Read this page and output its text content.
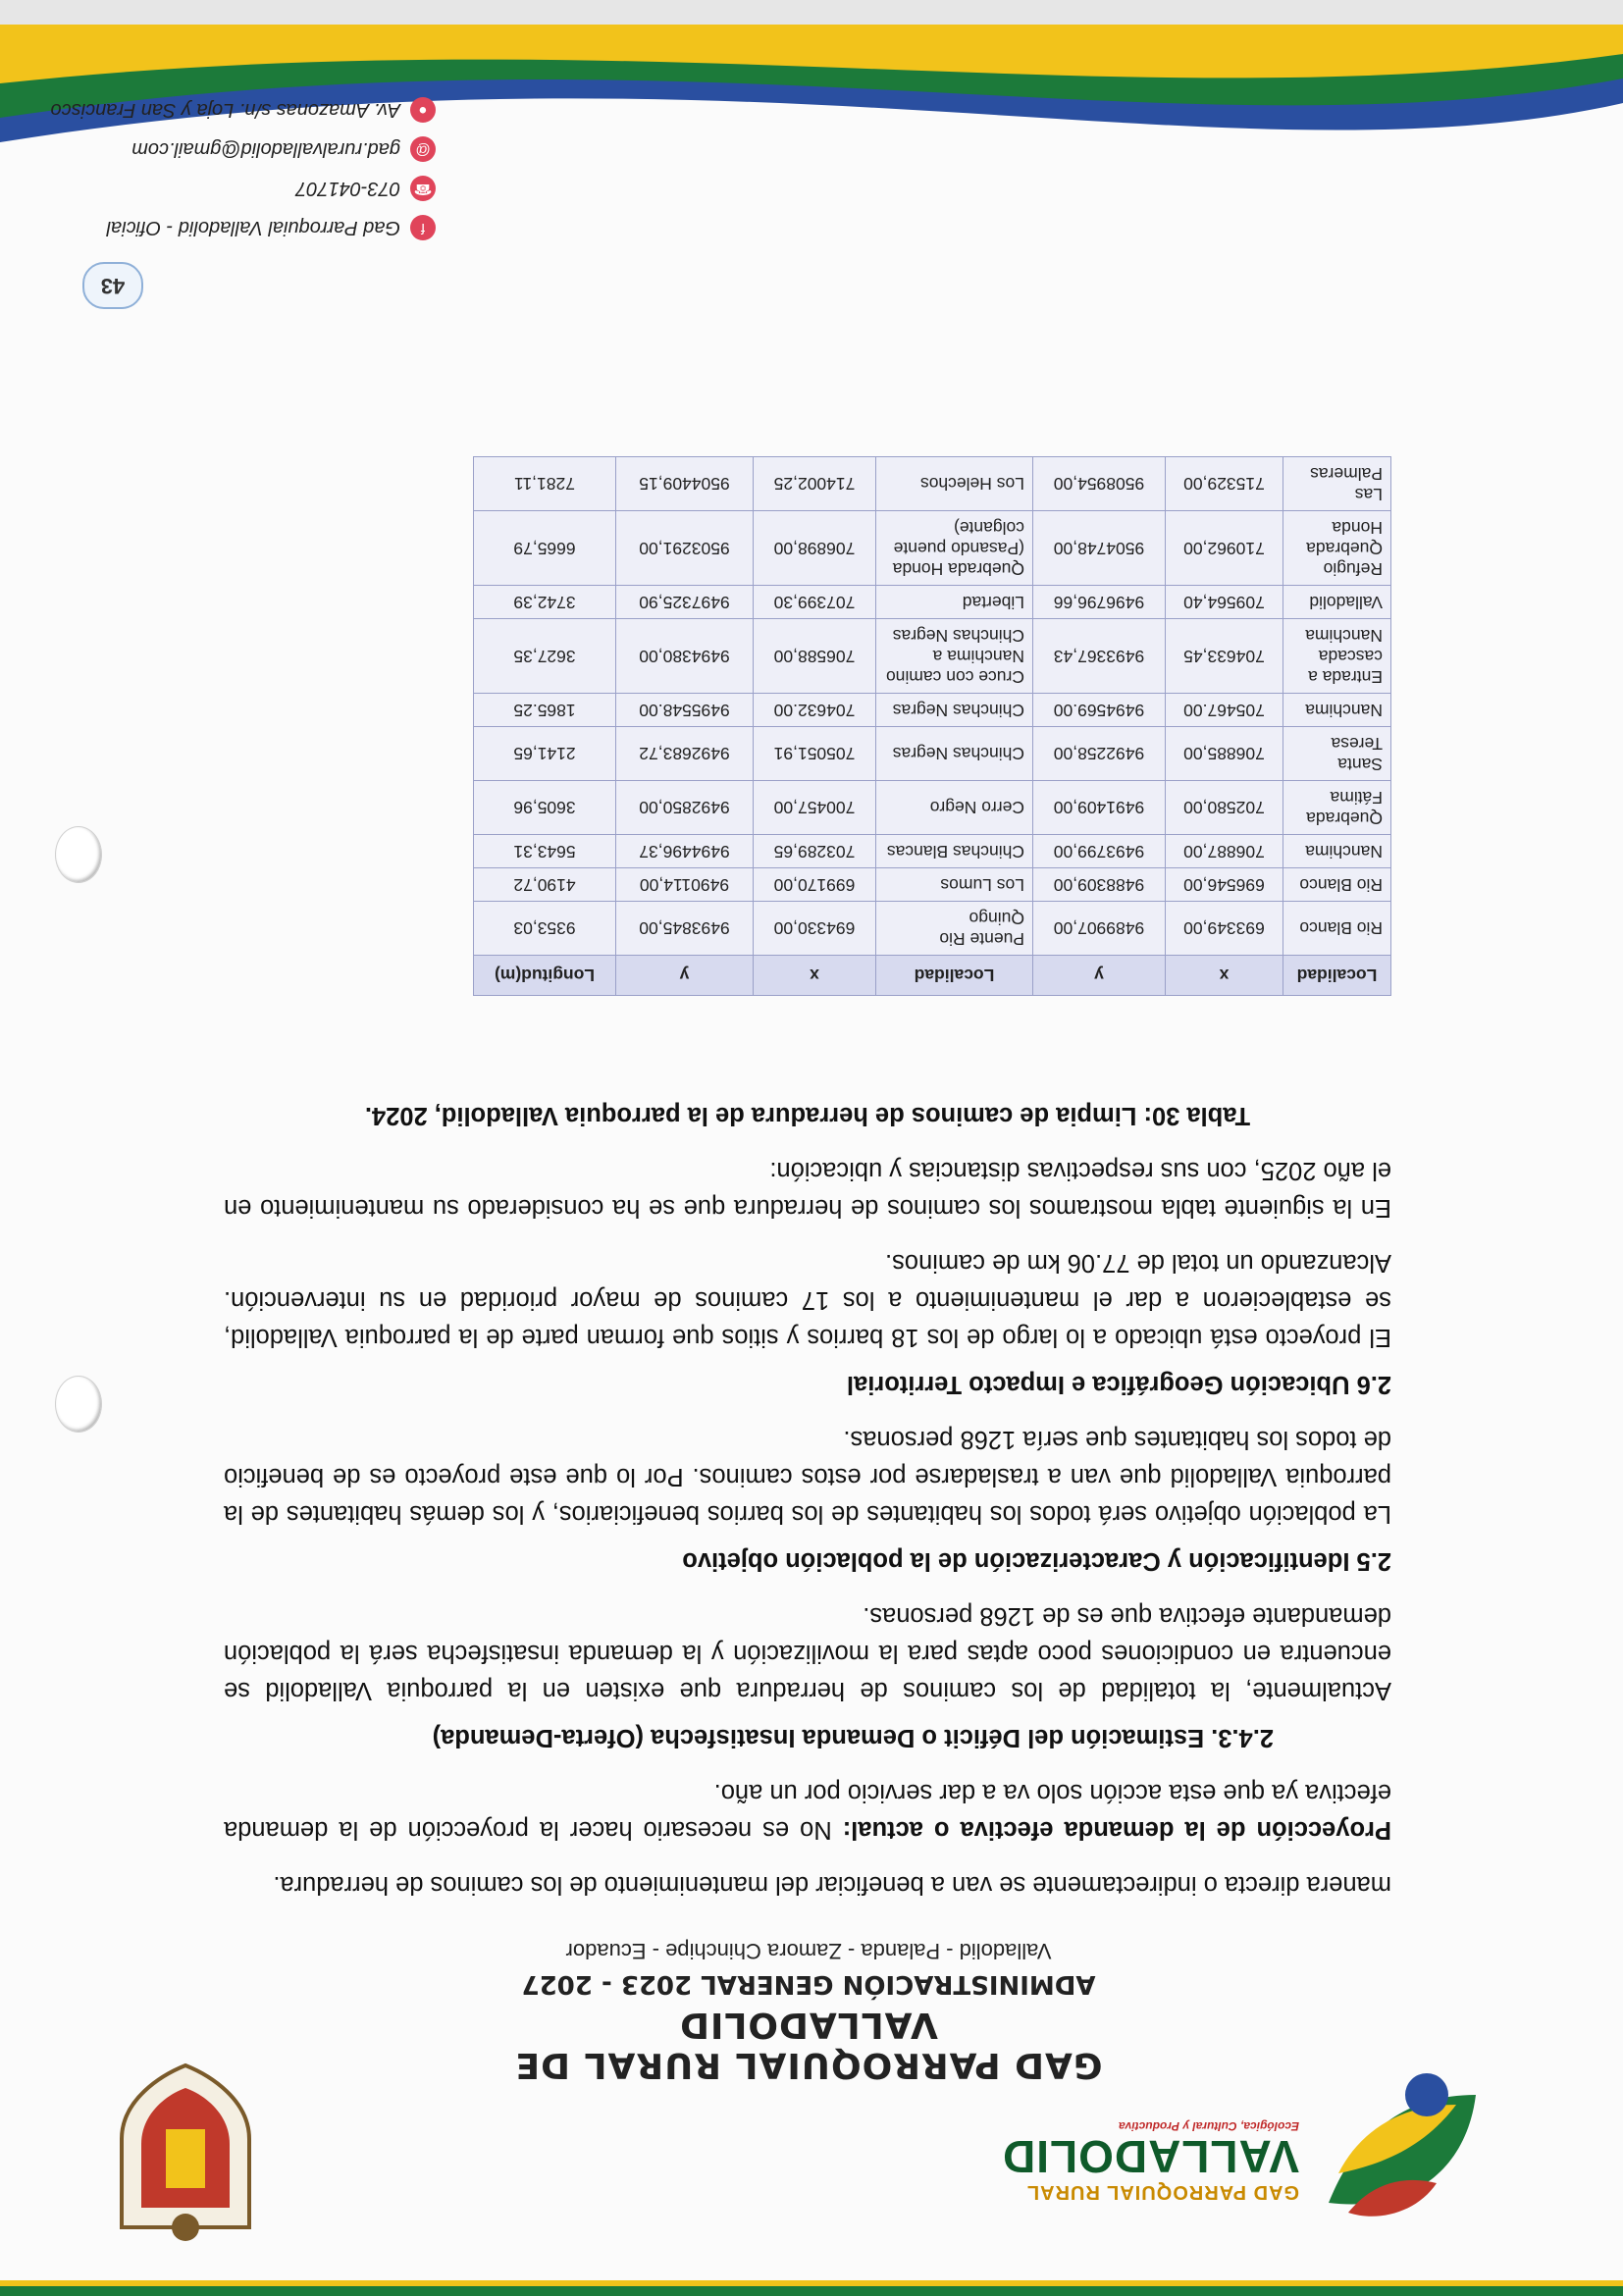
GAD PARROQUIAL RURAL
VALLADOLID
Ecológica, Cultural y Productiva
GAD PARROQUIAL RURAL DE VALLADOLID
ADMINISTRACIÓN GENERAL 2023 - 2027
Valladolid - Palanda - Zamora Chinchipe - Ecuador

manera directa o indirectamente se van a beneficiar del mantenimiento de los caminos de herradura.

Proyección de la demanda efectiva o actual: No es necesario hacer la proyección de la demanda efectiva ya que esta acción solo va a dar servicio por un año.

2.4.3. Estimación del Déficit o Demanda Insatisfecha (Oferta-Demanda)

Actualmente, la totalidad de los caminos de herradura que existen en la parroquia Valladolid se encuentra en condiciones poco aptas para la movilización y la demanda insatisfecha será la población demandante efectiva que es de 1268 personas.

2.5 Identificación y Caracterización de la población objetivo

La población objetivo será todos los habitantes de los barrios beneficiarios, y los demás habitantes de la parroquia Valladolid que van a trasladarse por estos caminos. Por lo que este proyecto es de beneficio de todos los habitantes que sería 1268 personas.

2.6 Ubicación Geográfica e Impacto Territorial

El proyecto está ubicado a lo largo de los 18 barrios y sitios que forman parte de la parroquia Valladolid, se establecieron a dar el mantenimiento a los 17 caminos de mayor prioridad en su intervención. Alcanzando un total de 77.06 km de caminos.

En la siguiente tabla mostramos los caminos de herradura que se ha considerado su mantenimiento en el año 2025, con sus respectivas distancias y ubicación:

Tabla 30: Limpia de caminos de herradura de la parroquia Valladolid, 2024.
Localidad	x	y	Localidad	x	y	Longitud(m)
Rio Blanco	693349,00	9489907,00	Puente Rio Quingo	694330,00	9493845,00	9353,03
Rio Blanco	696546,00	9488309,00	Los Lumos	699170,00	9490114,00	4190,72
Nanchima	706887,00	9493799,00	Chinchas Blancas	703289,65	9494496,37	5643,31
Quebrada Fátima	702580,00	9491409,00	Cerro Negro	700457,00	9492850,00	3605,96
Santa Teresa	706885,00	9492258,00	Chinchas Negras	705051,91	9492683,72	2141,65
Nanchima	705467.00	9494569.00	Chinchas Negras	704632.00	9495548.00	1865.25
Entrada a cascada Nanchima	704633,45	9493367,43	Cruce con camino Nanchima a Chinchas Negras	706588,00	9494380,00	3627,35
Valladolid	709564,40	9496796,66	Libertad	707399,30	9497325,90	3742,39
Refugio Quebrada Honda	710962,00	9504748,00	Quebrada Honda (Pasando puente colgante)	706898,00	9503291,00	6665,79
Las Palmeras	715329,00	9508954,00	Los Helechos	714002,25	9504409,15	7281,11
43
f
Gad Parroquial Valladolid - Oficial
☎
073-041707
@
gad.ruralvalladolid@gmail.com
●
Av. Amazonas s/n. Loja y San Francisco
